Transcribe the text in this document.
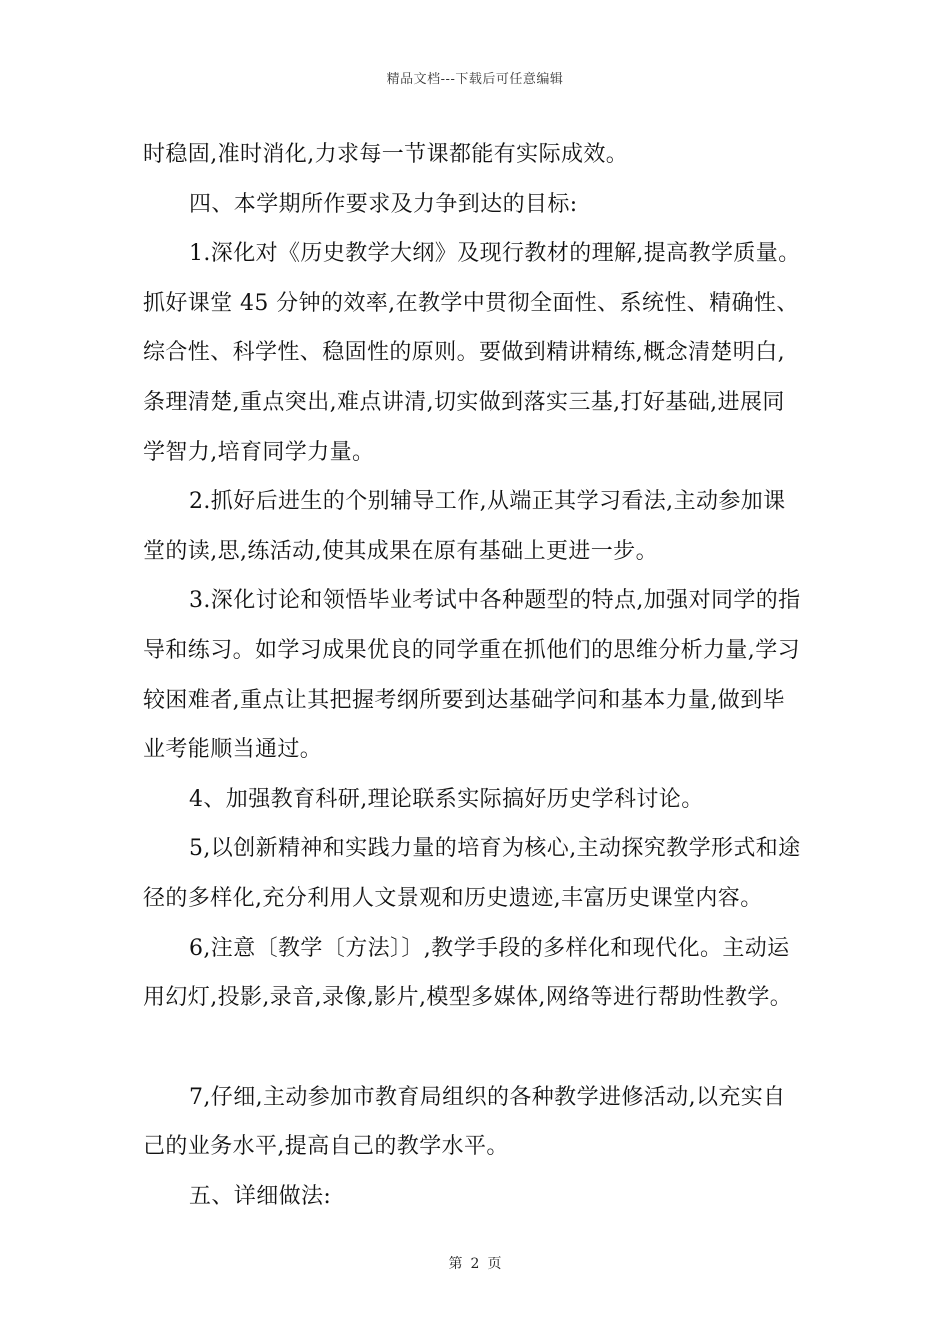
精品文档---下载后可任意编辑
时稳固,准时消化,力求每一节课都能有实际成效。
四、本学期所作要求及力争到达的目标:
1.深化对《历史教学大纲》及现行教材的理解,提高教学质量。
抓好课堂 45 分钟的效率,在教学中贯彻全面性、系统性、精确性、
综合性、科学性、稳固性的原则。要做到精讲精练,概念清楚明白,
条理清楚,重点突出,难点讲清,切实做到落实三基,打好基础,进展同
学智力,培育同学力量。
2.抓好后进生的个别辅导工作,从端正其学习看法,主动参加课
堂的读,思,练活动,使其成果在原有基础上更进一步。
3.深化讨论和领悟毕业考试中各种题型的特点,加强对同学的指
导和练习。如学习成果优良的同学重在抓他们的思维分析力量,学习
较困难者,重点让其把握考纲所要到达基础学问和基本力量,做到毕
业考能顺当通过。
4、加强教育科研,理论联系实际搞好历史学科讨论。
5,以创新精神和实践力量的培育为核心,主动探究教学形式和途
径的多样化,充分利用人文景观和历史遗迹,丰富历史课堂内容。
6,注意〔教学〔方法〕〕,教学手段的多样化和现代化。主动运
用幻灯,投影,录音,录像,影片,模型多媒体,网络等进行帮助性教学。
7,仔细,主动参加市教育局组织的各种教学进修活动,以充实自
己的业务水平,提高自己的教学水平。
五、详细做法:
第 2 页
